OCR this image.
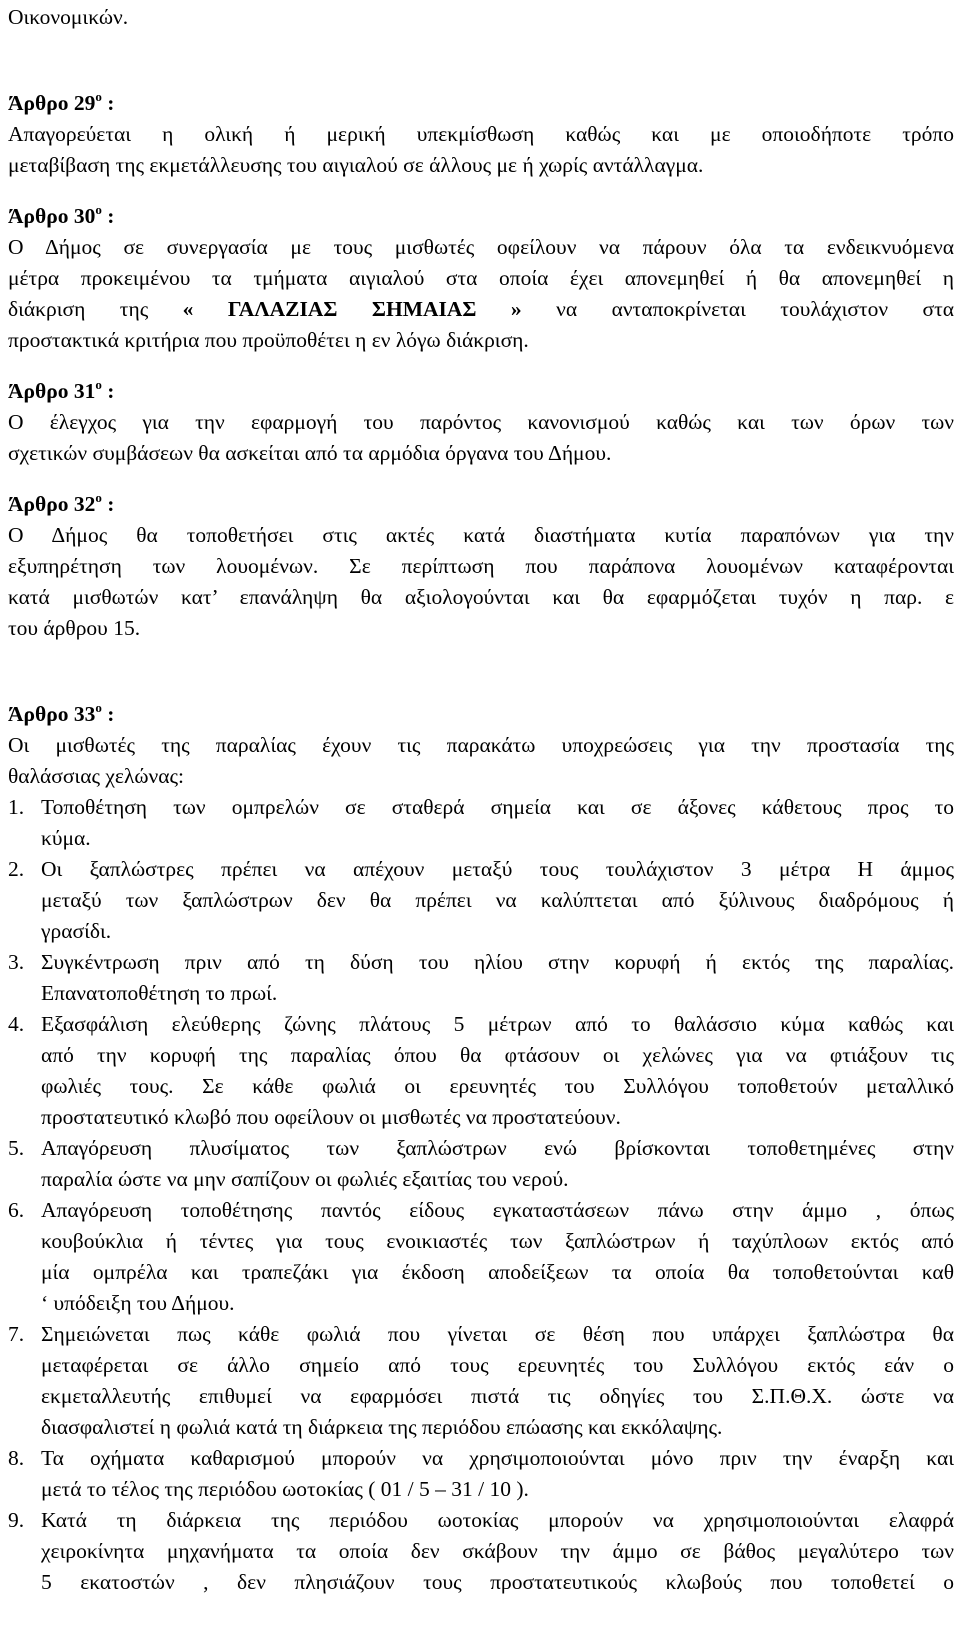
Οικονομικών.
Άρθρο $29^o$ :
Απαγορεύεται η ολική ή μερική υπεκμίσθωση καθώς και με οποιοδήποτε τρόπο
μεταβίβαση της εκμετάλλευσης του αιγιαλού σε άλλους με ή χωρίς αντάλλαγμα.
Άρθρο $30^o$ :
Ο Δήμος σε συνεργασία με τους μισθωτές οφείλουν να πάρουν όλα τα ενδεικνυόμενα
μέτρα προκειμένου τα τμήματα αιγιαλού στα οποία έχει απονεμηθεί ή θα απονεμηθεί η
διάκριση της « ΓΑΛΑΖΙΑΣ ΣΗΜΑΙΑΣ » να ανταποκρίνεται τουλάχιστον στα
προστακτικά κριτήρια που προϋποθέτει η εν λόγω διάκριση.
Άρθρο $31^o$ :
Ο έλεγχος για την εφαρμογή του παρόντος κανονισμού καθώς και των όρων των
σχετικών συμβάσεων θα ασκείται από τα αρμόδια όργανα του Δήμου.
Άρθρο $32^o$ :
Ο Δήμος θα τοποθετήσει στις ακτές κατά διαστήματα κυτία παραπόνων για την
εξυπηρέτηση των λουομένων. Σε περίπτωση που παράπονα λουομένων καταφέρονται
κατά μισθωτών κατ’ επανάληψη θα αξιολογούνται και θα εφαρμόζεται τυχόν η παρ. ε
του άρθρου 15.
Άρθρο $33^o$ :
Οι μισθωτές της παραλίας έχουν τις παρακάτω υποχρεώσεις για την προστασία της
θαλάσσιας χελώνας:
1. Τοποθέτηση των ομπρελών σε σταθερά σημεία και σε άξονες κάθετους προς το
κύμα.
2. Οι ξαπλώστρες πρέπει να απέχουν μεταξύ τους τουλάχιστον 3 μέτρα Η άμμος
μεταξύ των ξαπλώστρων δεν θα πρέπει να καλύπτεται από ξύλινους διαδρόμους ή
γρασίδι.
3. Συγκέντρωση πριν από τη δύση του ηλίου στην κορυφή ή εκτός της παραλίας.
Επανατοποθέτηση το πρωί.
4. Εξασφάλιση ελεύθερης ζώνης πλάτους 5 μέτρων από το θαλάσσιο κύμα καθώς και
από την κορυφή της παραλίας όπου θα φτάσουν οι χελώνες για να φτιάξουν τις
φωλιές τους. Σε κάθε φωλιά οι ερευνητές του Συλλόγου τοποθετούν μεταλλικό
προστατευτικό κλωβό που οφείλουν οι μισθωτές να προστατεύουν.
5. Απαγόρευση πλυσίματος των ξαπλώστρων ενώ βρίσκονται τοποθετημένες στην
παραλία ώστε να μην σαπίζουν οι φωλιές εξαιτίας του νερού.
6. Απαγόρευση τοποθέτησης παντός είδους εγκαταστάσεων πάνω στην άμμο , όπως
κουβούκλια ή τέντες για τους ενοικιαστές των ξαπλώστρων ή ταχύπλοων εκτός από
μία ομπρέλα και τραπεζάκι για έκδοση αποδείξεων τα οποία θα τοποθετούνται καθ
‘ υπόδειξη του Δήμου.
7. Σημειώνεται πως κάθε φωλιά που γίνεται σε θέση που υπάρχει ξαπλώστρα θα
μεταφέρεται σε άλλο σημείο από τους ερευνητές του Συλλόγου εκτός εάν ο
εκμεταλλευτής επιθυμεί να εφαρμόσει πιστά τις οδηγίες του Σ.Π.Θ.Χ. ώστε να
διασφαλιστεί η φωλιά κατά τη διάρκεια της περιόδου επώασης και εκκόλαψης.
8. Τα οχήματα καθαρισμού μπορούν να χρησιμοποιούνται μόνο πριν την έναρξη και
μετά το τέλος της περιόδου ωοτοκίας ( 01 / 5 – 31 / 10 ).
9. Κατά τη διάρκεια της περιόδου ωοτοκίας μπορούν να χρησιμοποιούνται ελαφρά
χειροκίνητα μηχανήματα τα οποία δεν σκάβουν την άμμο σε βάθος μεγαλύτερο των
5 εκατοστών , δεν πλησιάζουν τους προστατευτικούς κλωβούς που τοποθετεί ο
